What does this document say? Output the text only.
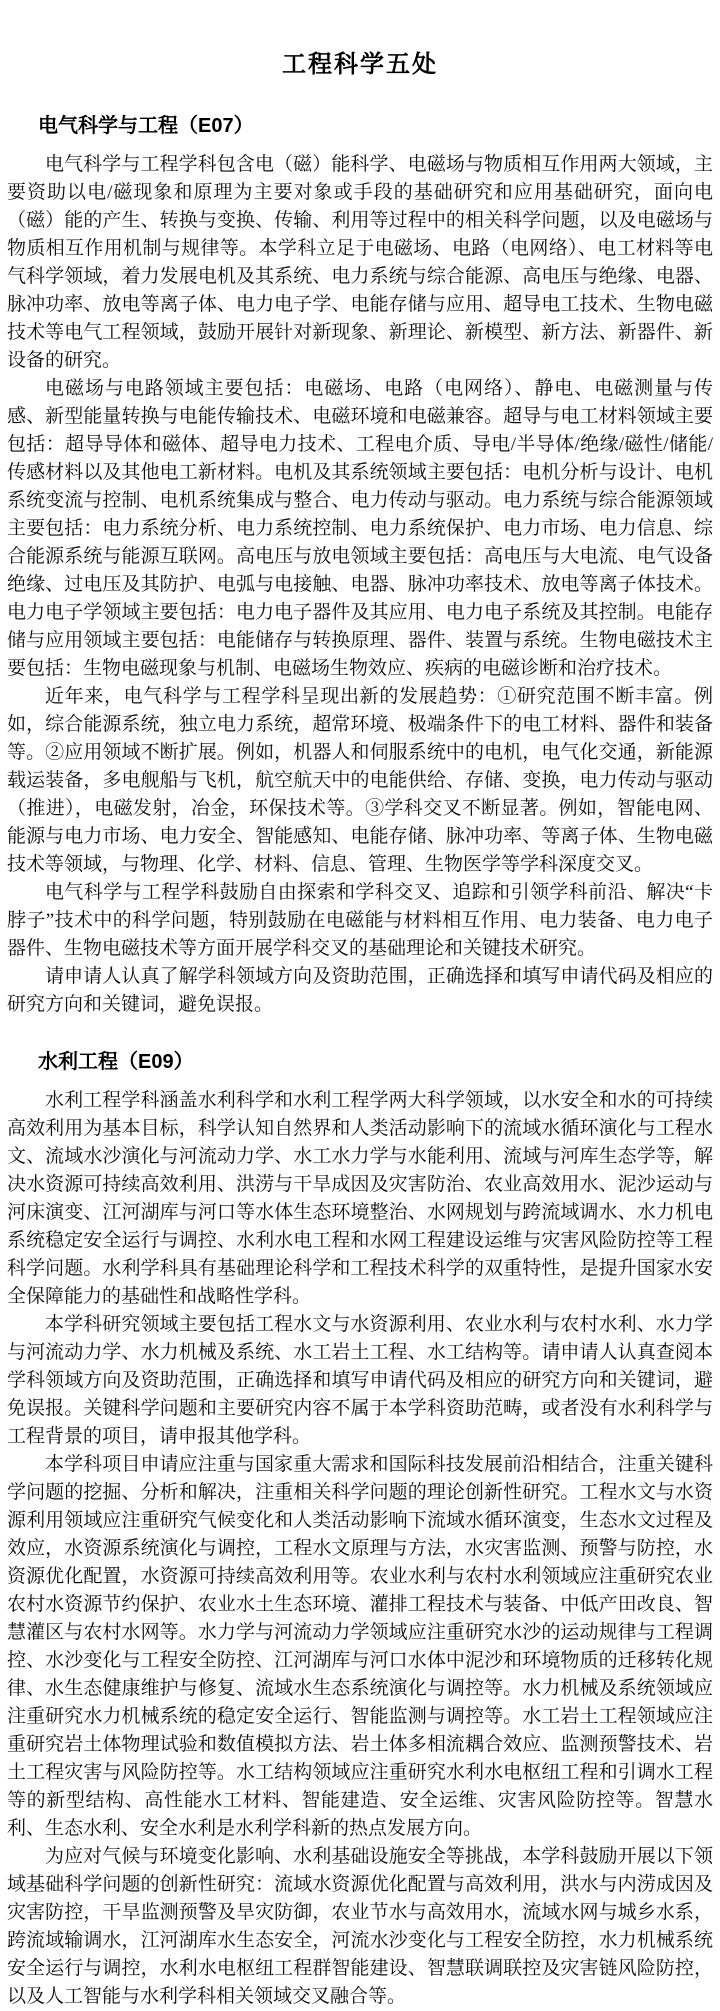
工程科学五处
电气科学与工程（E07）

电气科学与工程学科包含电（磁）能科学、电磁场与物质相互作用两大领域，主要资助以电/磁现象和原理为主要对象或手段的基础研究和应用基础研究，面向电（磁）能的产生、转换与变换、传输、利用等过程中的相关科学问题，以及电磁场与物质相互作用机制与规律等。本学科立足于电磁场、电路（电网络）、电工材料等电气科学领域，着力发展电机及其系统、电力系统与综合能源、高电压与绝缘、电器、脉冲功率、放电等离子体、电力电子学、电能存储与应用、超导电工技术、生物电磁技术等电气工程领域，鼓励开展针对新现象、新理论、新模型、新方法、新器件、新设备的研究。

电磁场与电路领域主要包括：电磁场、电路（电网络）、静电、电磁测量与传感、新型能量转换与电能传输技术、电磁环境和电磁兼容。超导与电工材料领域主要包括：超导导体和磁体、超导电力技术、工程电介质、导电/半导体/绝缘/磁性/储能/传感材料以及其他电工新材料。电机及其系统领域主要包括：电机分析与设计、电机系统变流与控制、电机系统集成与整合、电力传动与驱动。电力系统与综合能源领域主要包括：电力系统分析、电力系统控制、电力系统保护、电力市场、电力信息、综合能源系统与能源互联网。高电压与放电领域主要包括：高电压与大电流、电气设备绝缘、过电压及其防护、电弧与电接触、电器、脉冲功率技术、放电等离子体技术。电力电子学领域主要包括：电力电子器件及其应用、电力电子系统及其控制。电能存储与应用领域主要包括：电能储存与转换原理、器件、装置与系统。生物电磁技术主要包括：生物电磁现象与机制、电磁场生物效应、疾病的电磁诊断和治疗技术。

近年来，电气科学与工程学科呈现出新的发展趋势：①研究范围不断丰富。例如，综合能源系统，独立电力系统，超常环境、极端条件下的电工材料、器件和装备等。②应用领域不断扩展。例如，机器人和伺服系统中的电机，电气化交通，新能源载运装备，多电舰船与飞机，航空航天中的电能供给、存储、变换，电力传动与驱动（推进），电磁发射，冶金，环保技术等。③学科交叉不断显著。例如，智能电网、能源与电力市场、电力安全、智能感知、电能存储、脉冲功率、等离子体、生物电磁技术等领域，与物理、化学、材料、信息、管理、生物医学等学科深度交叉。

电气科学与工程学科鼓励自由探索和学科交叉、追踪和引领学科前沿、解决“卡脖子”技术中的科学问题，特别鼓励在电磁能与材料相互作用、电力装备、电力电子器件、生物电磁技术等方面开展学科交叉的基础理论和关键技术研究。

请申请人认真了解学科领域方向及资助范围，正确选择和填写申请代码及相应的研究方向和关键词，避免误报。

水利工程（E09）

水利工程学科涵盖水利科学和水利工程学两大科学领域，以水安全和水的可持续高效利用为基本目标，科学认知自然界和人类活动影响下的流域水循环演化与工程水文、流域水沙演化与河流动力学、水工水力学与水能利用、流域与河库生态学等，解决水资源可持续高效利用、洪涝与干旱成因及灾害防治、农业高效用水、泥沙运动与河床演变、江河湖库与河口等水体生态环境整治、水网规划与跨流域调水、水力机电系统稳定安全运行与调控、水利水电工程和水网工程建设运维与灾害风险防控等工程科学问题。水利学科具有基础理论科学和工程技术科学的双重特性，是提升国家水安全保障能力的基础性和战略性学科。

本学科研究领域主要包括工程水文与水资源利用、农业水利与农村水利、水力学与河流动力学、水力机械及系统、水工岩土工程、水工结构等。请申请人认真查阅本学科领域方向及资助范围，正确选择和填写申请代码及相应的研究方向和关键词，避免误报。关键科学问题和主要研究内容不属于本学科资助范畴，或者没有水利科学与工程背景的项目，请申报其他学科。

本学科项目申请应注重与国家重大需求和国际科技发展前沿相结合，注重关键科学问题的挖掘、分析和解决，注重相关科学问题的理论创新性研究。工程水文与水资源利用领域应注重研究气候变化和人类活动影响下流域水循环演变，生态水文过程及效应，水资源系统演化与调控，工程水文原理与方法，水灾害监测、预警与防控，水资源优化配置，水资源可持续高效利用等。农业水利与农村水利领域应注重研究农业农村水资源节约保护、农业水土生态环境、灌排工程技术与装备、中低产田改良、智慧灌区与农村水网等。水力学与河流动力学领域应注重研究水沙的运动规律与工程调控、水沙变化与工程安全防控、江河湖库与河口水体中泥沙和环境物质的迁移转化规律、水生态健康维护与修复、流域水生态系统演化与调控等。水力机械及系统领域应注重研究水力机械系统的稳定安全运行、智能监测与调控等。水工岩土工程领域应注重研究岩土体物理试验和数值模拟方法、岩土体多相流耦合效应、监测预警技术、岩土工程灾害与风险防控等。水工结构领域应注重研究水利水电枢纽工程和引调水工程等的新型结构、高性能水工材料、智能建造、安全运维、灾害风险防控等。智慧水利、生态水利、安全水利是水利学科新的热点发展方向。

为应对气候与环境变化影响、水利基础设施安全等挑战，本学科鼓励开展以下领域基础科学问题的创新性研究：流域水资源优化配置与高效利用，洪水与内涝成因及灾害防控，干旱监测预警及旱灾防御，农业节水与高效用水，流域水网与城乡水系，跨流域输调水，江河湖库水生态安全，河流水沙变化与工程安全防控，水力机械系统安全运行与调控，水利水电枢纽工程群智能建设、智慧联调联控及灾害链风险防控，以及人工智能与水利学科相关领域交叉融合等。
